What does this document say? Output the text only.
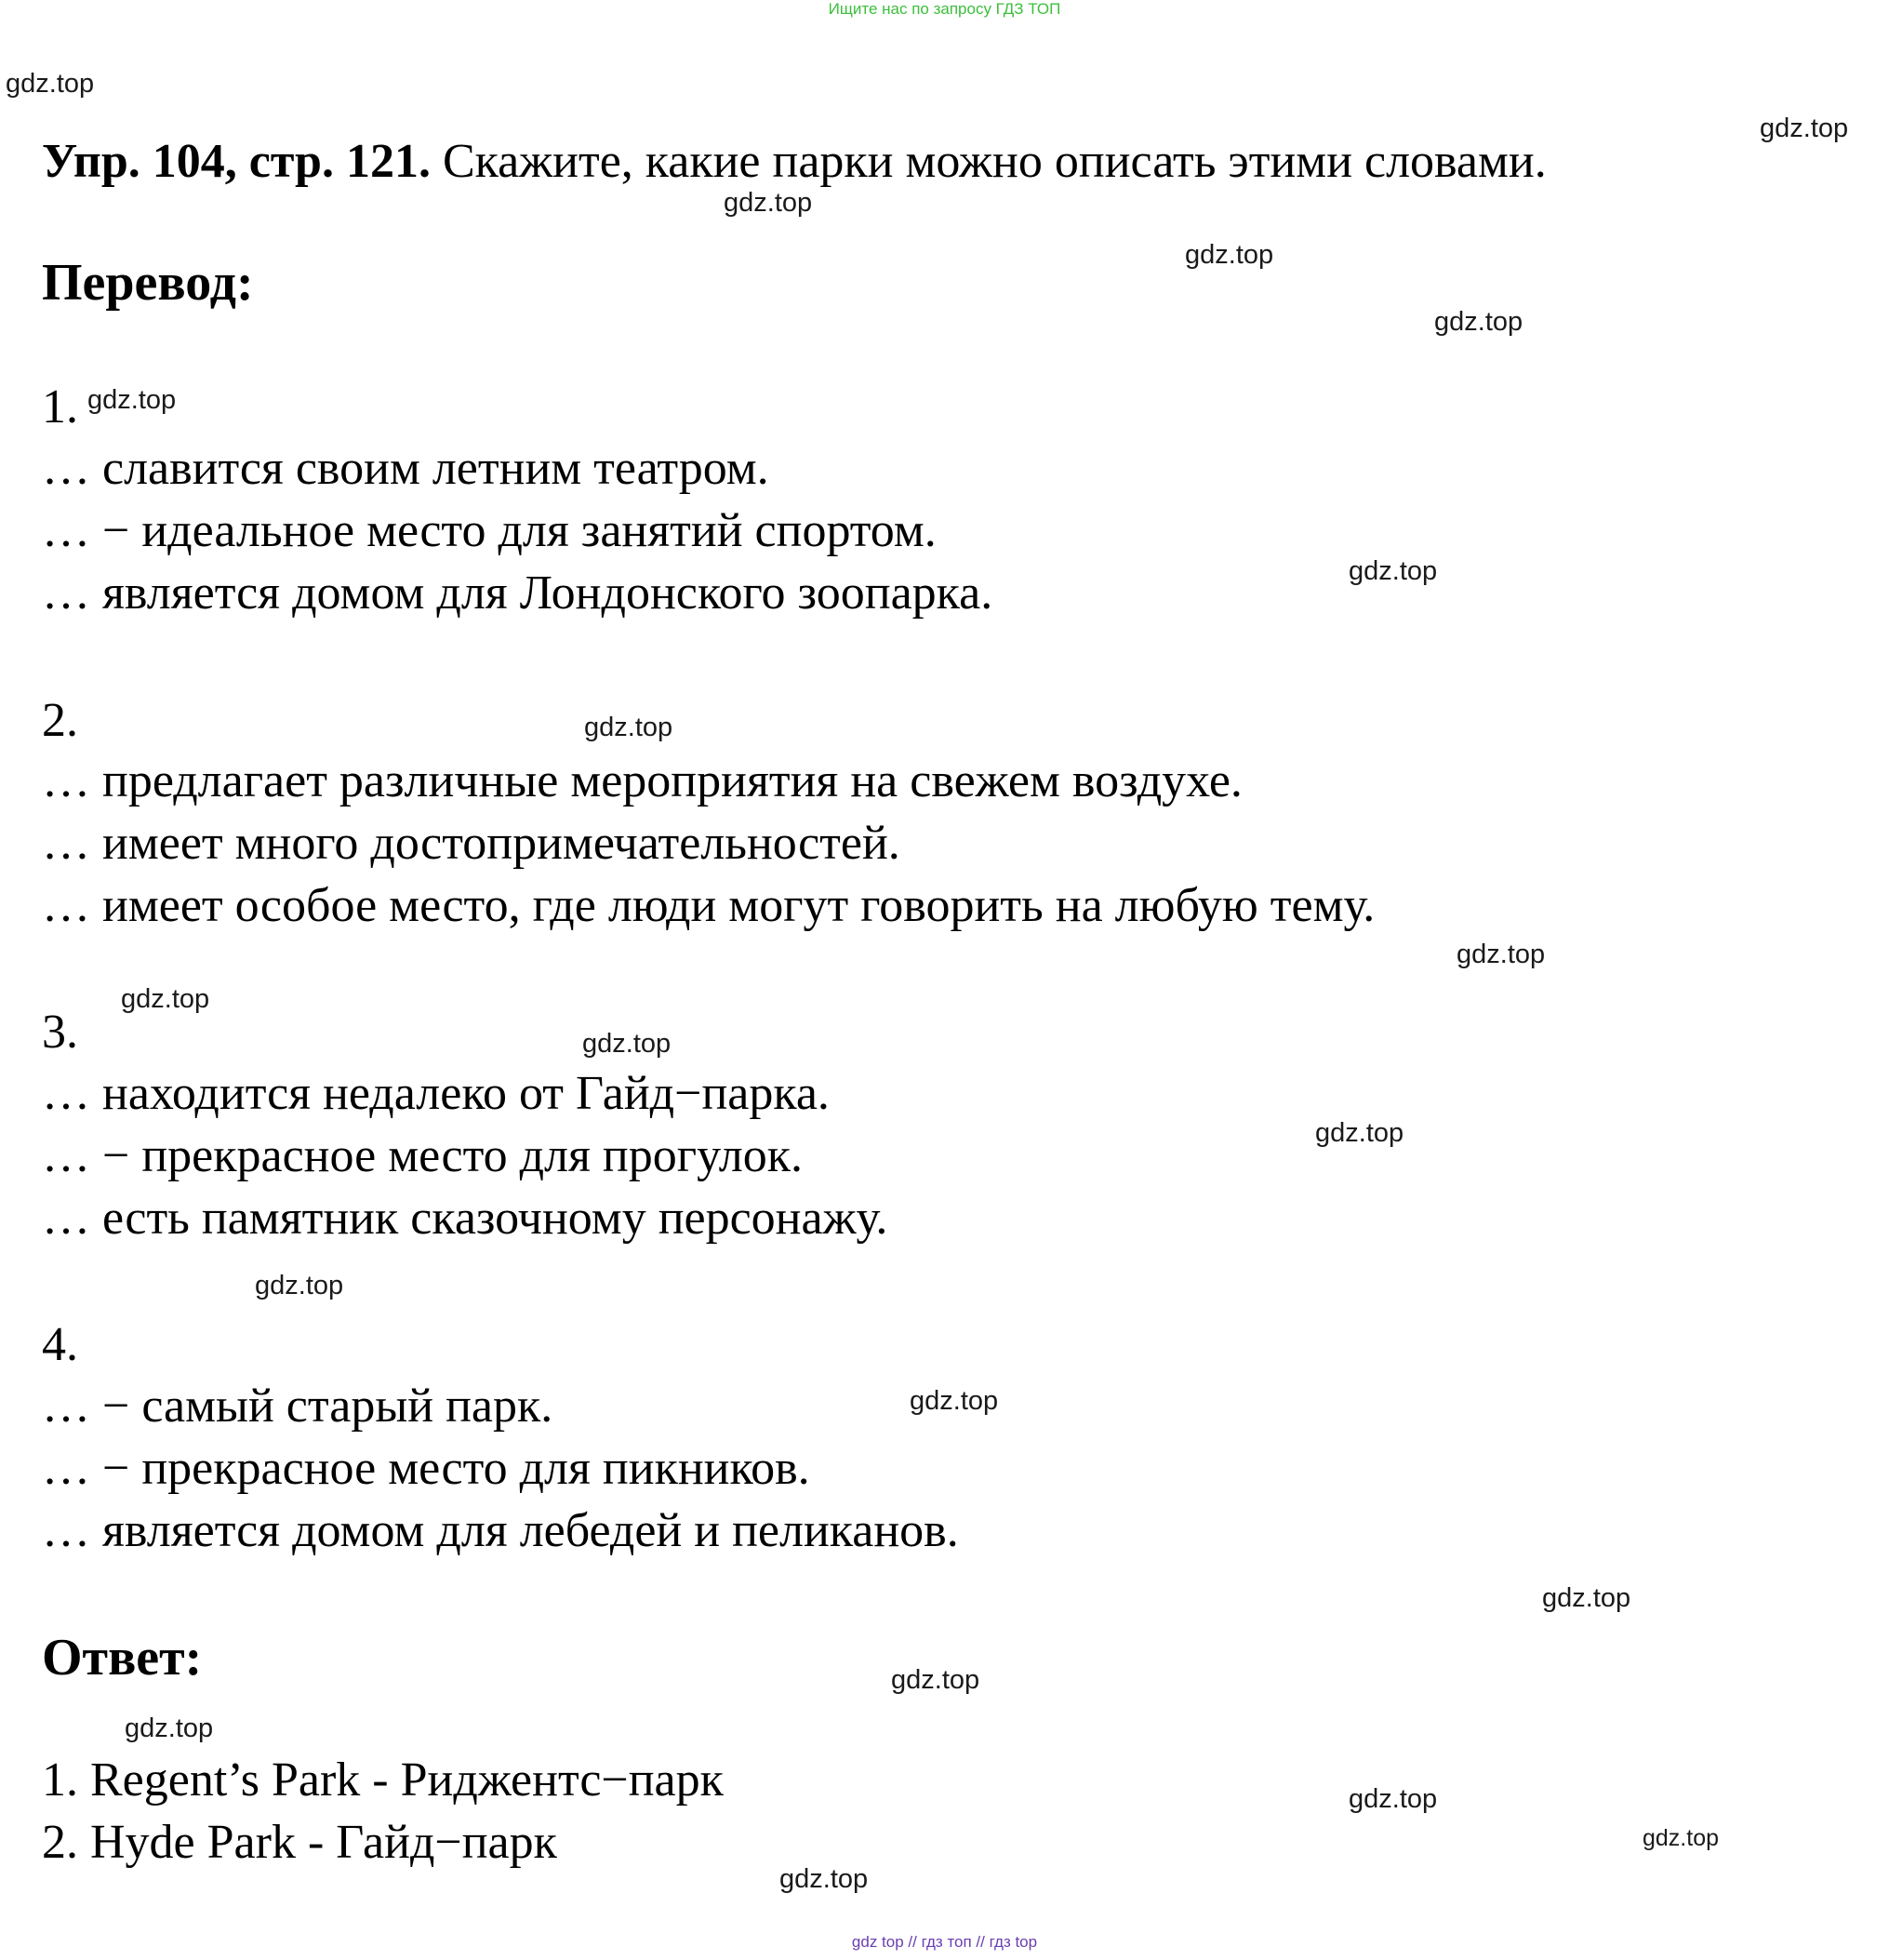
Ищите нас по запросу ГДЗ ТОП
gdz.top
gdz.top
gdz.top
gdz.top
gdz.top
gdz.top
gdz.top
gdz.top
gdz.top
gdz.top
gdz.top
gdz.top
gdz.top
gdz.top
gdz.top
gdz.top
gdz.top
gdz.top
gdz.top
gdz.top
Упр. 104, стр. 121. Скажите, какие парки можно описать этими словами.
Перевод:
1.
… славится своим летним театром.
… − идеальное место для занятий спортом.
… является домом для Лондонского зоопарка.
2.
… предлагает различные мероприятия на свежем воздухе.
… имеет много достопримечательностей.
… имеет особое место, где люди могут говорить на любую тему.
3.
… находится недалеко от Гайд−парка.
… − прекрасное место для прогулок.
… есть памятник сказочному персонажу.
4.
… − самый старый парк.
… − прекрасное место для пикников.
… является домом для лебедей и пеликанов.
Ответ:
1. Regent’s Park - Риджентс−парк
2. Hyde Park - Гайд−парк
gdz top // гдз топ // гдз top
